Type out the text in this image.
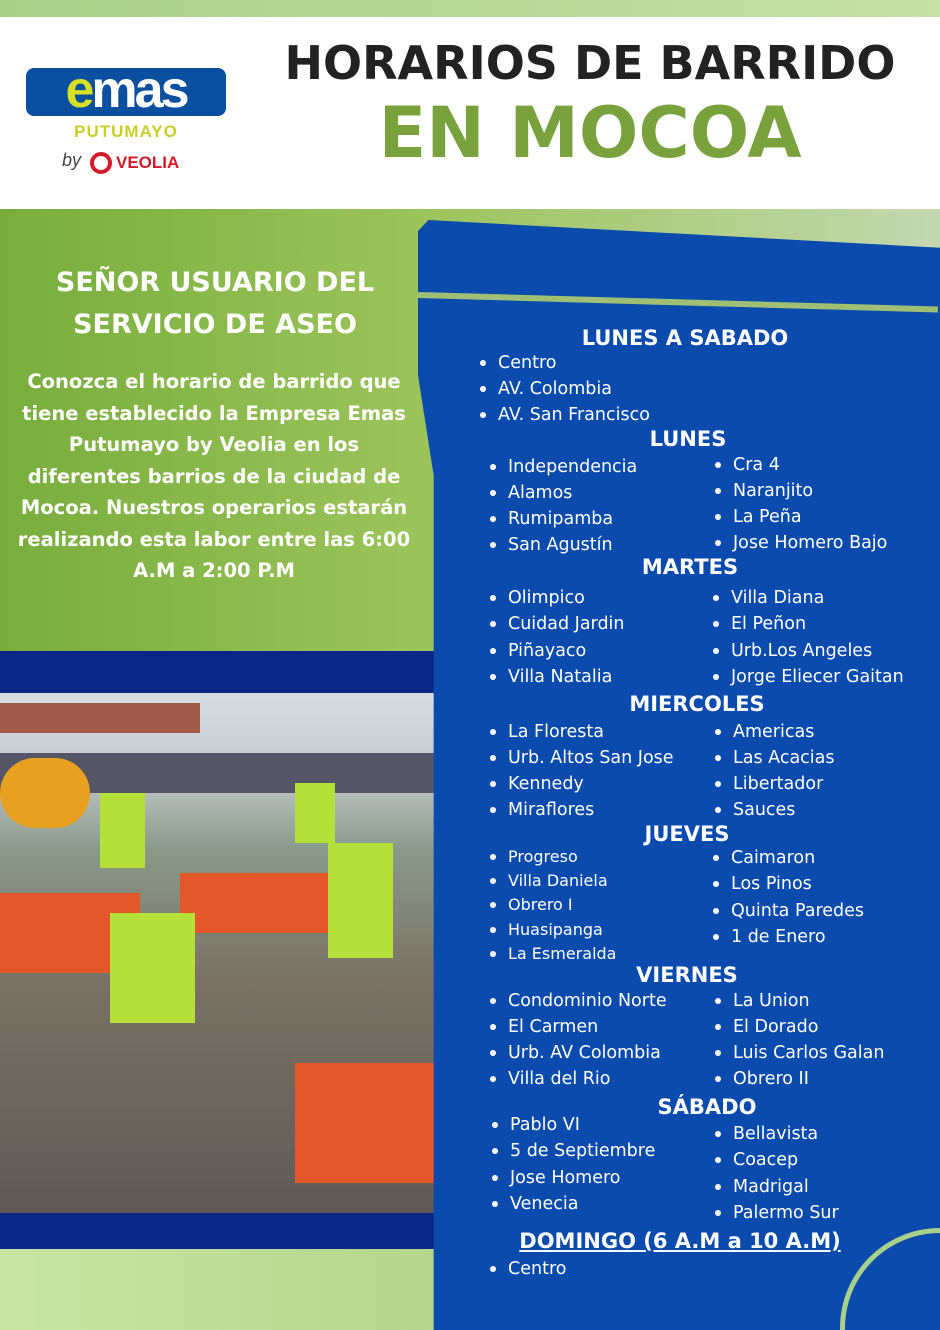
emas
PUTUMAYO
by VEOLIA
HORARIOS DE BARRIDO
EN MOCOA
SEÑOR USUARIO DEL SERVICIO DE ASEO
Conozca el horario de barrido que tiene establecido la Empresa Emas Putumayo by Veolia en los diferentes barrios de la ciudad de Mocoa. Nuestros operarios estarán realizando esta labor entre las 6:00 A.M a 2:00 P.M
LUNES A SABADO
Centro
AV. Colombia
AV. San Francisco
LUNES
Independencia
Alamos
Rumipamba
San Agustín
Cra 4
Naranjito
La Peña
Jose Homero Bajo
MARTES
Olimpico
Cuidad Jardin
Piñayaco
Villa Natalia
Villa Diana
El Peñon
Urb.Los Angeles
Jorge Eliecer Gaitan
MIERCOLES
La Floresta
Urb. Altos San Jose
Kennedy
Miraflores
Americas
Las Acacias
Libertador
Sauces
JUEVES
Progreso
Villa Daniela
Obrero I
Huasipanga
La Esmeralda
Caimaron
Los Pinos
Quinta Paredes
1 de Enero
VIERNES
Condominio Norte
El Carmen
Urb. AV Colombia
Villa del Rio
La Union
El Dorado
Luis Carlos Galan
Obrero II
SÁBADO
Pablo VI
5 de Septiembre
Jose Homero
Venecia
Bellavista
Coacep
Madrigal
Palermo Sur
DOMINGO (6 A.M a 10 A.M)
Centro
